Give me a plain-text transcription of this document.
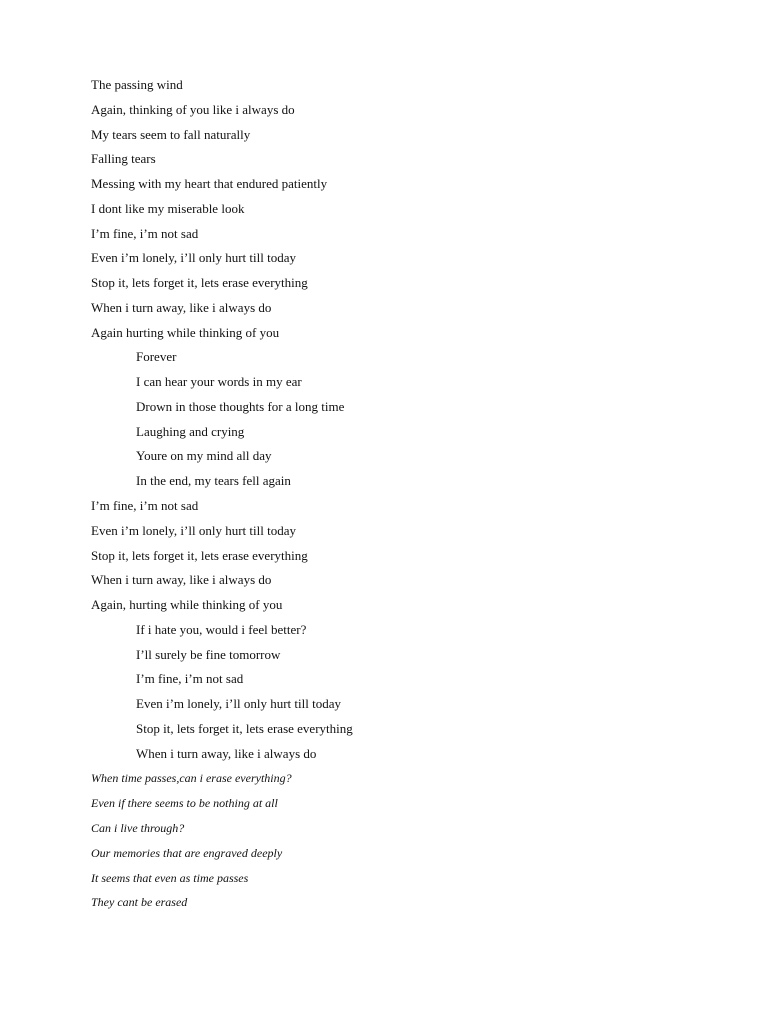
The passing wind
Again, thinking of you like i always do
My tears seem to fall naturally
Falling tears
Messing with my heart that endured patiently
I dont like my miserable look
I’m fine, i’m not sad
Even i’m lonely, i’ll only hurt till today
Stop it, lets forget it, lets erase everything
When i turn away, like i always do
Again hurting while thinking of you
Forever
I can hear your words in my ear
Drown in those thoughts for a long time
Laughing and crying
Youre on my mind all day
In the end, my tears fell again
I’m fine, i’m not sad
Even i’m lonely, i’ll only hurt till today
Stop it, lets forget it, lets erase everything
When i turn away, like i always do
Again, hurting while thinking of you
If i hate you, would i feel better?
I’ll surely be fine tomorrow
I’m fine, i’m not sad
Even i’m lonely, i’ll only hurt till today
Stop it, lets forget it, lets erase everything
When i turn away, like i always do
When time passes,can i erase everything?
Even if there seems to be nothing at all
Can i live through?
Our memories that are engraved deeply
It seems that even as time passes
They cant be erased
